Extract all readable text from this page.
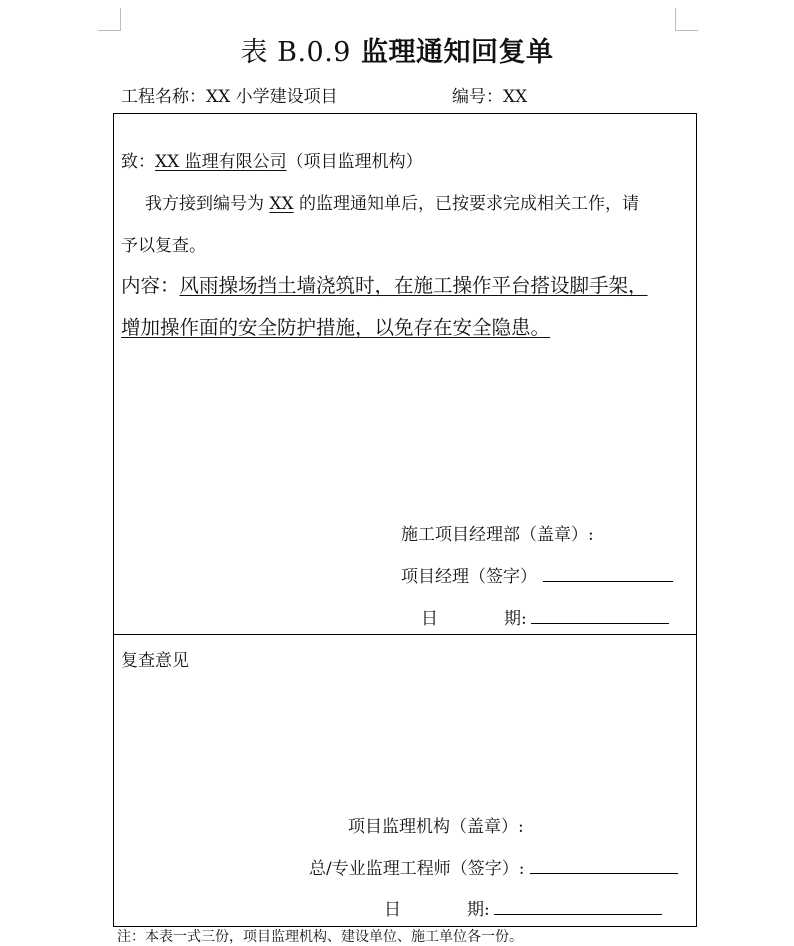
表 B.0.9 监理通知回复单
工程名称：XX 小学建设项目	编号：XX
致：XX 监理有限公司（项目监理机构）
我方接到编号为 XX 的监理通知单后，已按要求完成相关工作，请
予以复查。
内容：风雨操场挡土墙浇筑时，在施工操作平台搭设脚手架，
增加操作面的安全防护措施，以免存在安全隐患。
施工项目经理部（盖章）:
项目经理（签字）
日	期:
复查意见
项目监理机构（盖章）:
总/专业监理工程师（签字）:
日	期:
注：本表一式三份，项目监理机构、建设单位、施工单位各一份。
